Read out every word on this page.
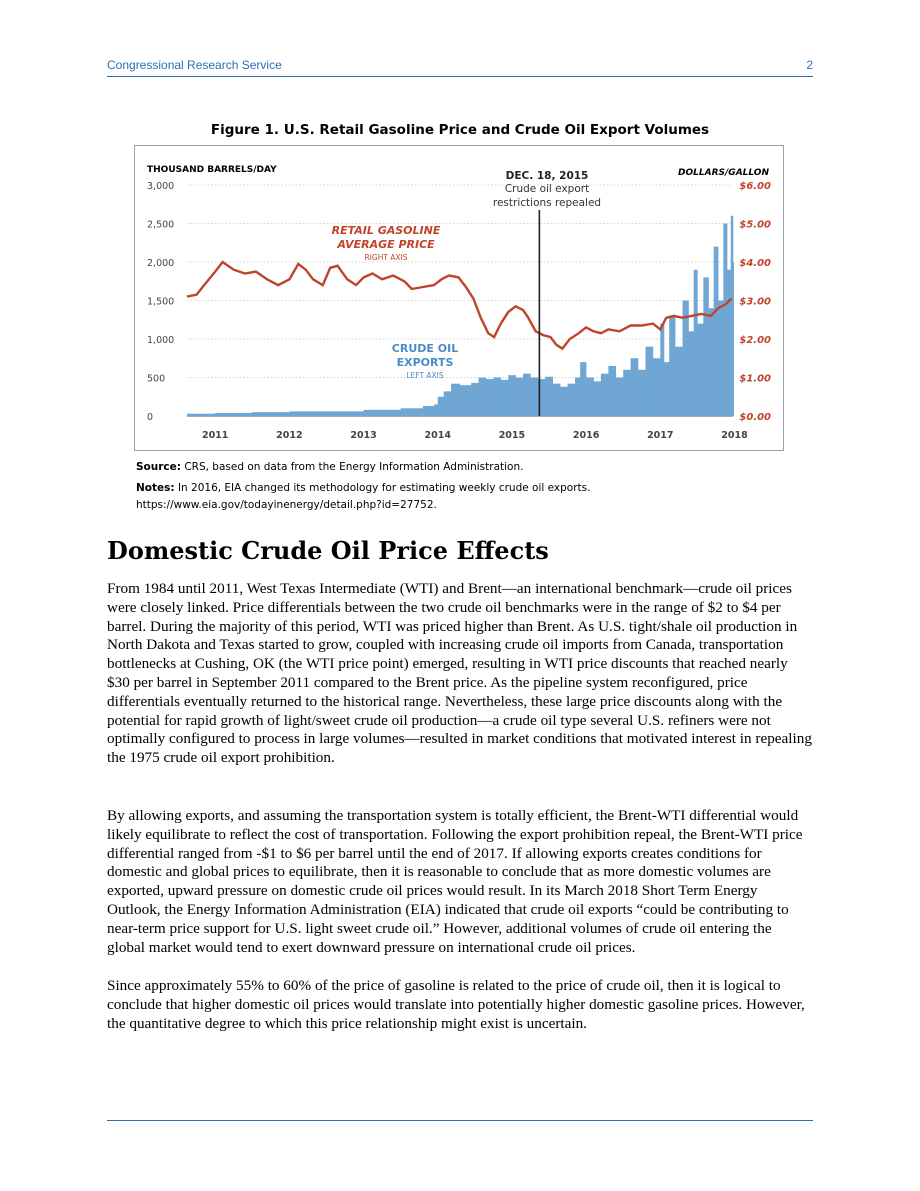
Congressional Research Service	2
Figure 1. U.S. Retail Gasoline Price and Crude Oil Export Volumes
THOUSAND BARRELS/DAY	DOLLARS/GALLON
3,000
2,500
2,000
1,500
1,000
500
0
$6.00
$5.00
$4.00
$3.00
$2.00
$1.00
$0.00
2011	2012	2013	2014	2015	2016	2017	2018
DEC. 18, 2015
Crude oil export
restrictions repealed
RETAIL GASOLINE
AVERAGE PRICE
RIGHT AXIS
CRUDE OIL
EXPORTS
LEFT AXIS
Source: CRS, based on data from the Energy Information Administration.
Notes: In 2016, EIA changed its methodology for estimating weekly crude oil exports. https://www.eia.gov/todayinenergy/detail.php?id=27752.
Domestic Crude Oil Price Effects

From 1984 until 2011, West Texas Intermediate (WTI) and Brent—an international benchmark—crude oil prices were closely linked. Price differentials between the two crude oil benchmarks were in the range of $2 to $4 per barrel. During the majority of this period, WTI was priced higher than Brent. As U.S. tight/shale oil production in North Dakota and Texas started to grow, coupled with increasing crude oil imports from Canada, transportation bottlenecks at Cushing, OK (the WTI price point) emerged, resulting in WTI price discounts that reached nearly $30 per barrel in September 2011 compared to the Brent price. As the pipeline system reconfigured, price differentials eventually returned to the historical range. Nevertheless, these large price discounts along with the potential for rapid growth of light/sweet crude oil production—a crude oil type several U.S. refiners were not optimally configured to process in large volumes—resulted in market conditions that motivated interest in repealing the 1975 crude oil export prohibition.

By allowing exports, and assuming the transportation system is totally efficient, the Brent-WTI differential would likely equilibrate to reflect the cost of transportation. Following the export prohibition repeal, the Brent-WTI price differential ranged from -$1 to $6 per barrel until the end of 2017. If allowing exports creates conditions for domestic and global prices to equilibrate, then it is reasonable to conclude that as more domestic volumes are exported, upward pressure on domestic crude oil prices would result. In its March 2018 Short Term Energy Outlook, the Energy Information Administration (EIA) indicated that crude oil exports “could be contributing to near-term price support for U.S. light sweet crude oil.” However, additional volumes of crude oil entering the global market would tend to exert downward pressure on international crude oil prices.

Since approximately 55% to 60% of the price of gasoline is related to the price of crude oil, then it is logical to conclude that higher domestic oil prices would translate into potentially higher domestic gasoline prices. However, the quantitative degree to which this price relationship might exist is uncertain.
